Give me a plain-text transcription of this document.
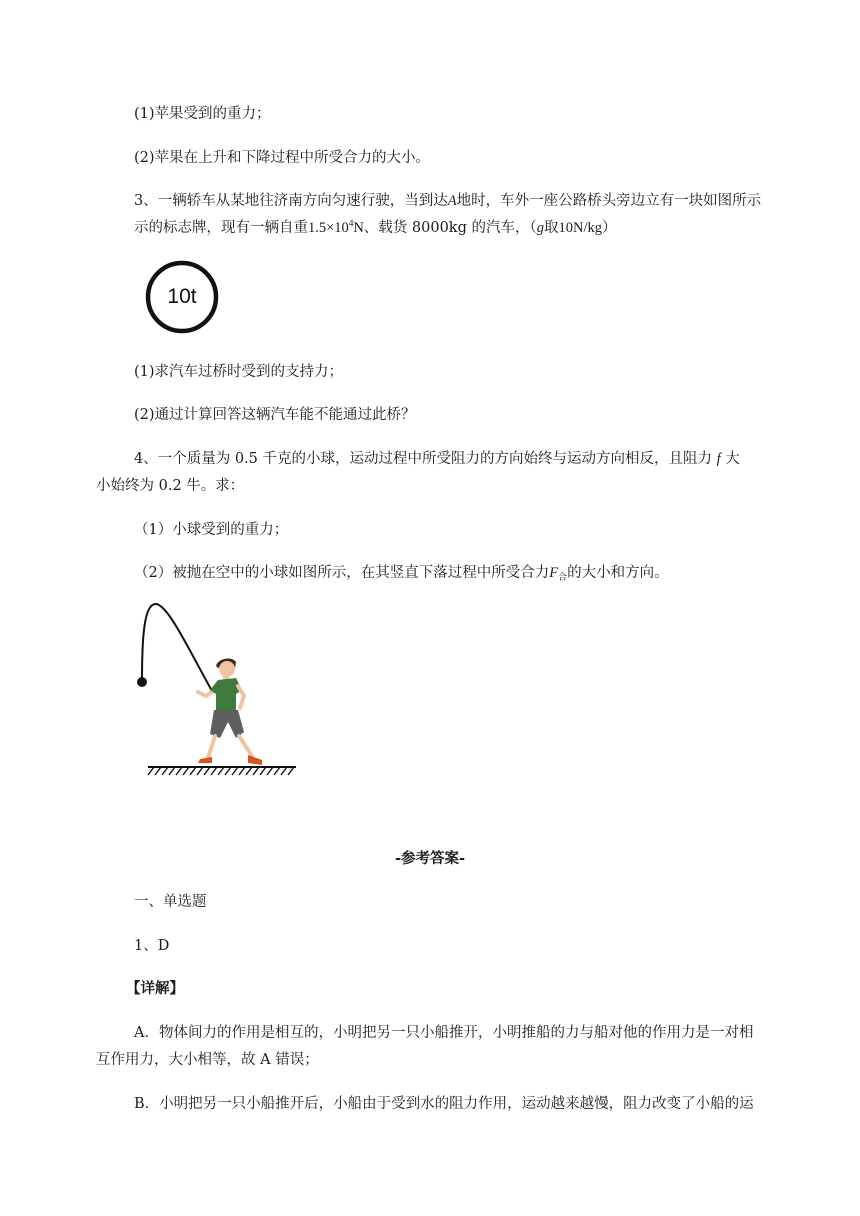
(1)苹果受到的重力；
(2)苹果在上升和下降过程中所受合力的大小。
3、一辆轿车从某地往济南方向匀速行驶，当到达A地时，车外一座公路桥头旁边立有一块如图所示
示的标志牌，现有一辆自重$1.5\times 10^4N$、载货 8000kg 的汽车，（g取10N/kg）
10t
(1)求汽车过桥时受到的支持力；
(2)通过计算回答这辆汽车能不能通过此桥？
4、一个质量为 0.5 千克的小球，运动过程中所受阻力的方向始终与运动方向相反，且阻力 f 大
小始终为 0.2 牛。求：
（1）小球受到的重力；
（2）被抛在空中的小球如图所示，在其竖直下落过程中所受合力$F_合$的大小和方向。
-参考答案-
一、单选题
1、D
【详解】
A．物体间力的作用是相互的，小明把另一只小船推开，小明推船的力与船对他的作用力是一对相
互作用力，大小相等，故 A 错误；
B．小明把另一只小船推开后，小船由于受到水的阻力作用，运动越来越慢，阻力改变了小船的运
